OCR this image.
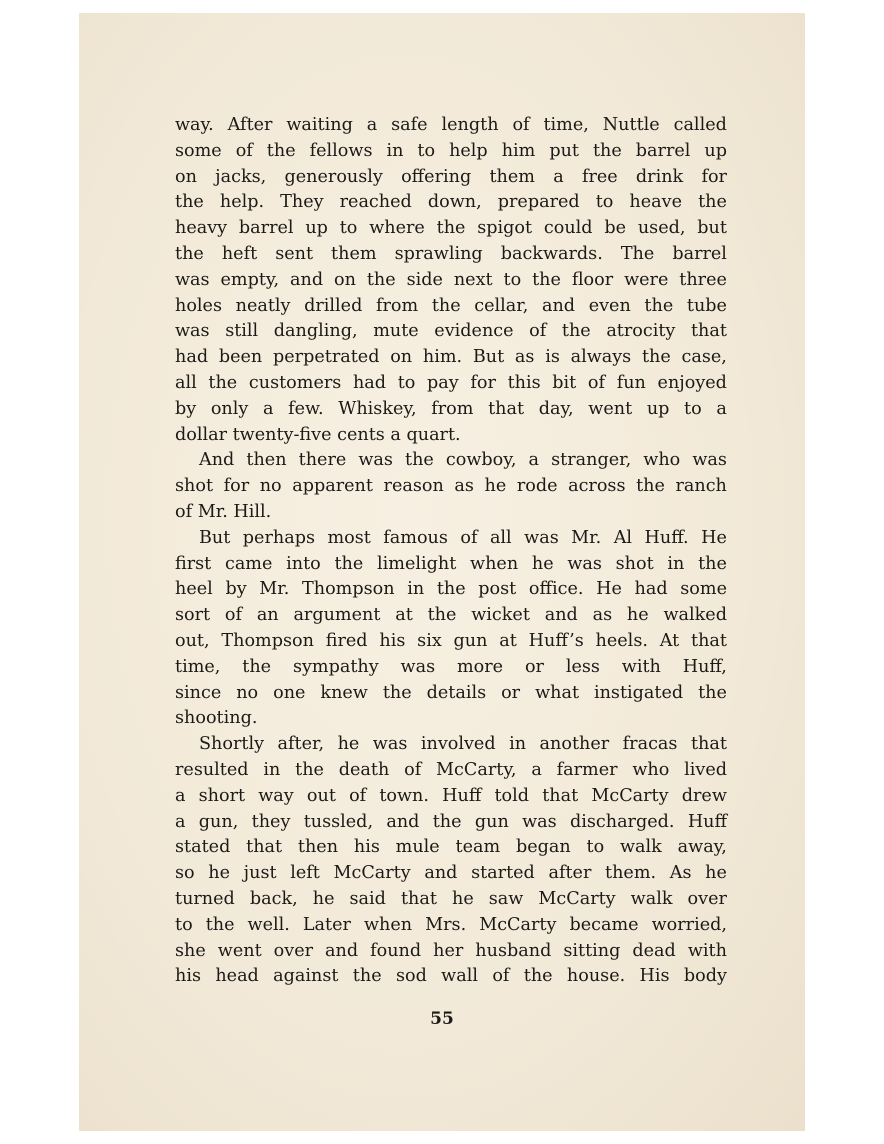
way. After waiting a safe length of time, Nuttle called
some of the fellows in to help him put the barrel up
on jacks, generously offering them a free drink for
the help. They reached down, prepared to heave the
heavy barrel up to where the spigot could be used, but
the heft sent them sprawling backwards. The barrel
was empty, and on the side next to the floor were three
holes neatly drilled from the cellar, and even the tube
was still dangling, mute evidence of the atrocity that
had been perpetrated on him. But as is always the case,
all the customers had to pay for this bit of fun enjoyed
by only a few. Whiskey, from that day, went up to a
dollar twenty-five cents a quart.
And then there was the cowboy, a stranger, who was
shot for no apparent reason as he rode across the ranch
of Mr. Hill.
But perhaps most famous of all was Mr. Al Huff. He
first came into the limelight when he was shot in the
heel by Mr. Thompson in the post office. He had some
sort of an argument at the wicket and as he walked
out, Thompson fired his six gun at Huff’s heels. At that
time, the sympathy was more or less with Huff,
since no one knew the details or what instigated the
shooting.
Shortly after, he was involved in another fracas that
resulted in the death of McCarty, a farmer who lived
a short way out of town. Huff told that McCarty drew
a gun, they tussled, and the gun was discharged. Huff
stated that then his mule team began to walk away,
so he just left McCarty and started after them. As he
turned back, he said that he saw McCarty walk over
to the well. Later when Mrs. McCarty became worried,
she went over and found her husband sitting dead with
his head against the sod wall of the house. His body
55
